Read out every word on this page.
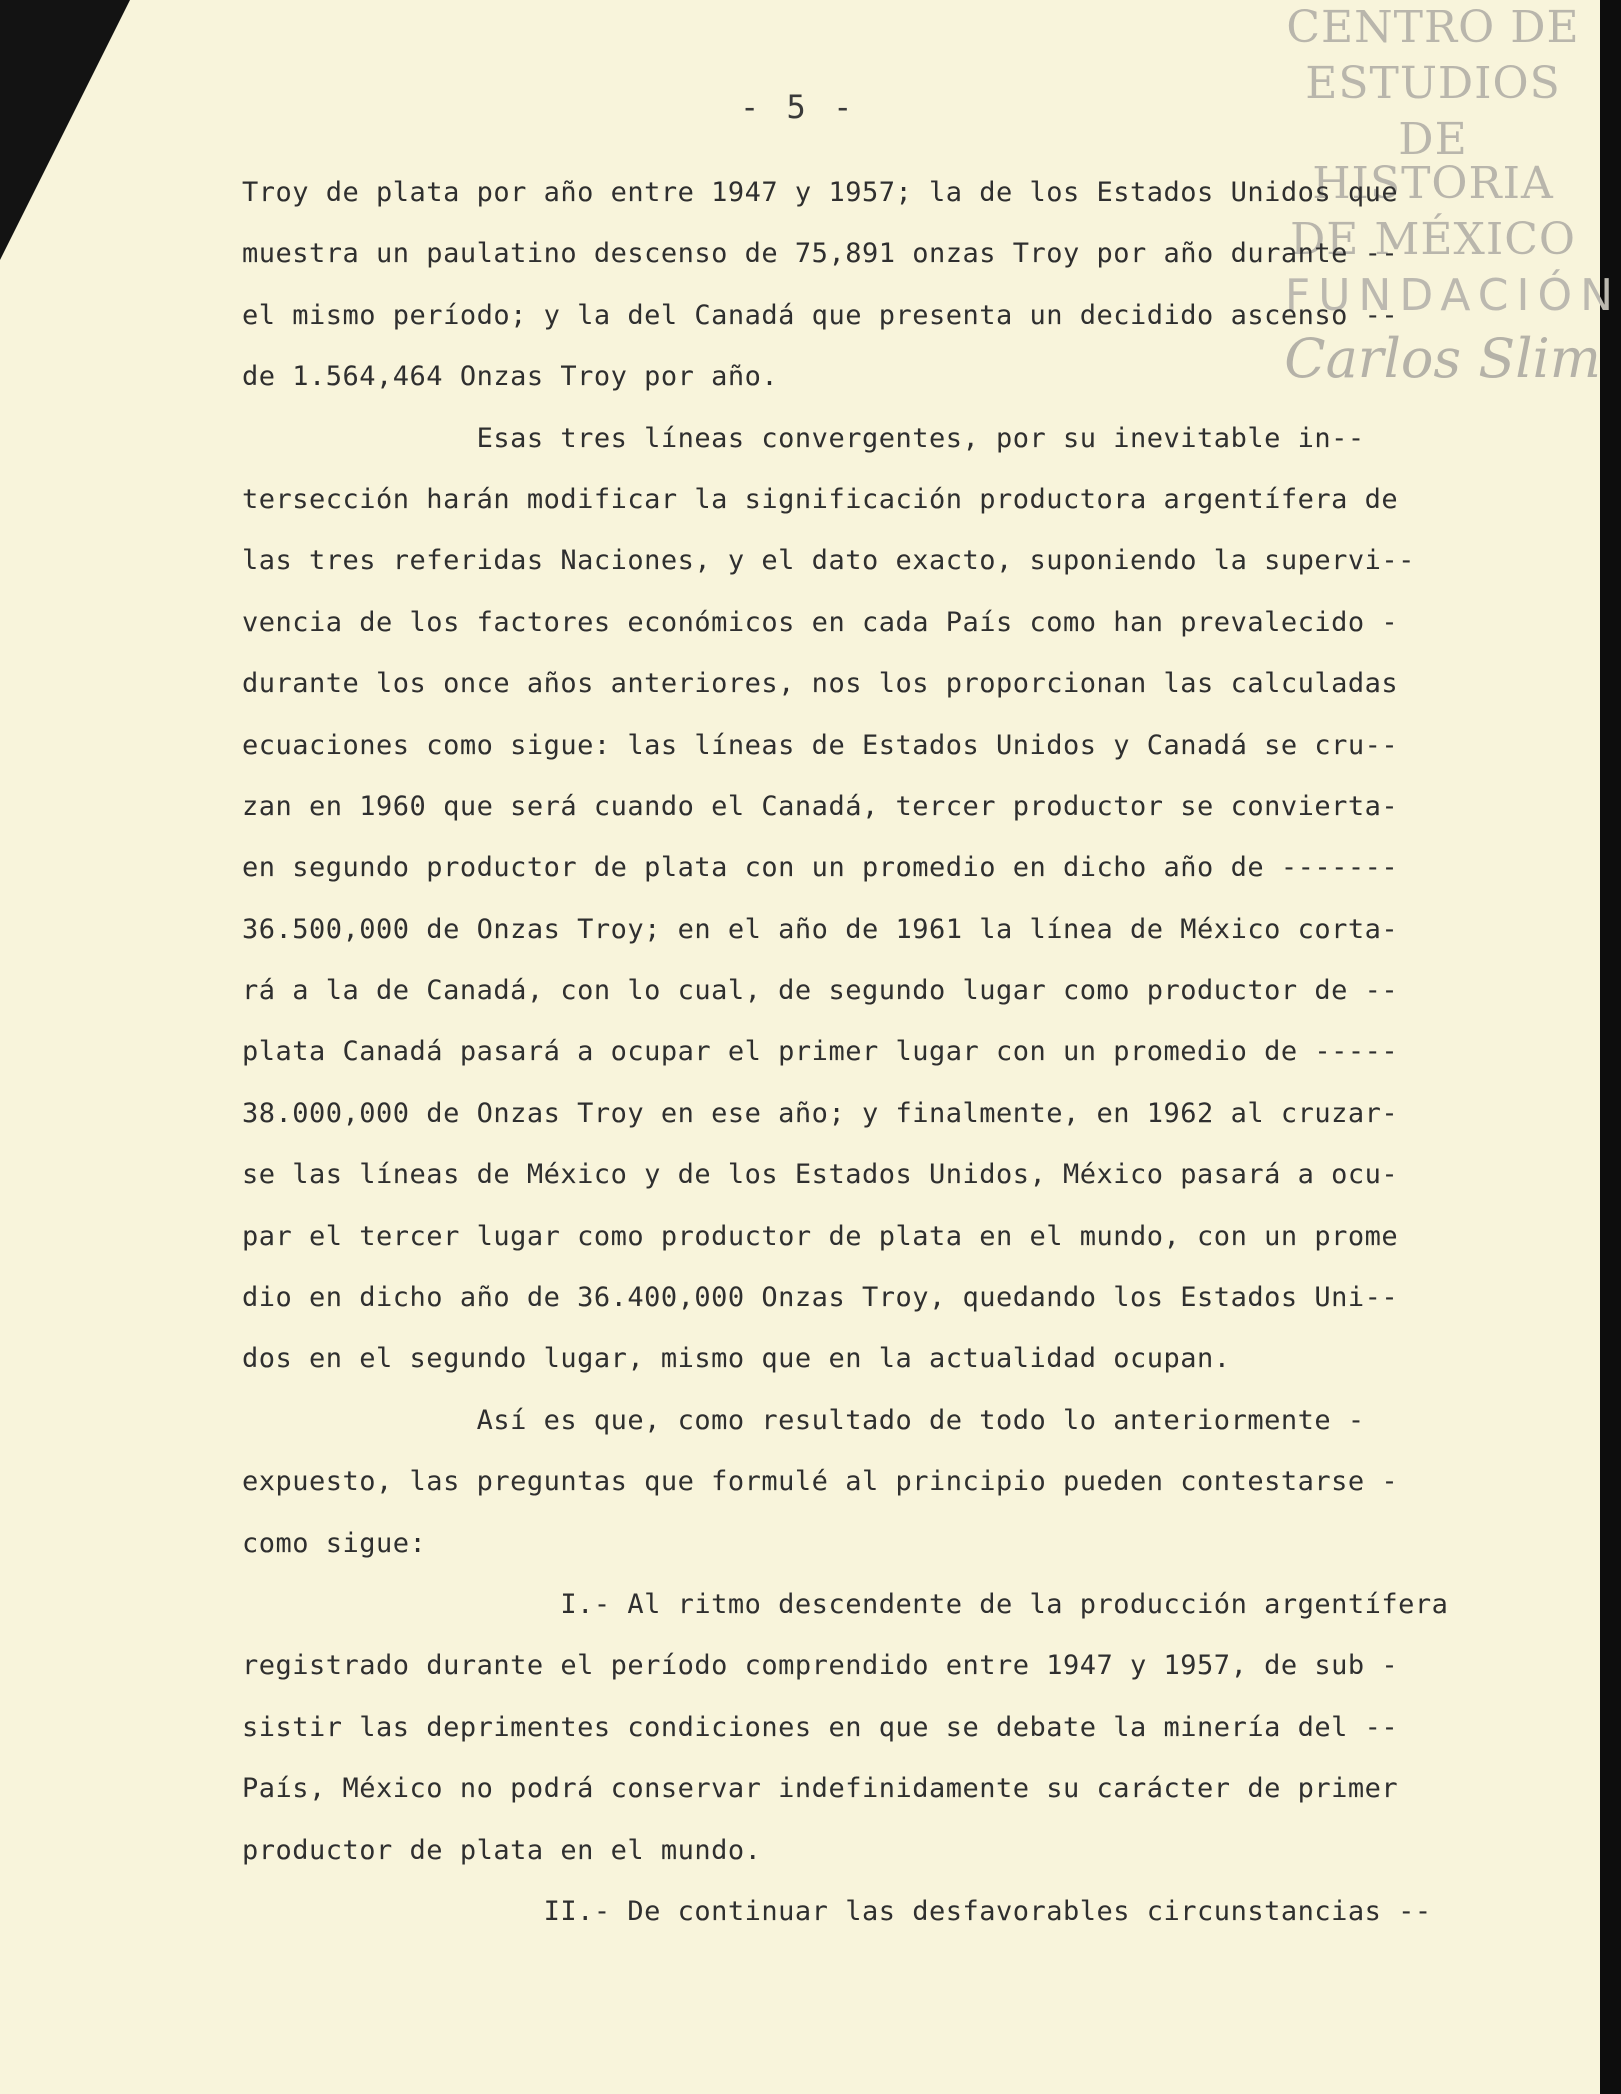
CENTRO DE
ESTUDIOS
DE HISTORIA
DE MÉXICO
FUNDACIÓN
Carlos Slim
- 5 -
Troy de plata por año entre 1947 y 1957; la de los Estados Unidos que
muestra un paulatino descenso de 75,891 onzas Troy por año durante --
el mismo período; y la del Canadá que presenta un decidido ascenso --
de 1.564,464 Onzas Troy por año.
Esas tres líneas convergentes, por su inevitable in--
tersección harán modificar la significación productora argentífera de
las tres referidas Naciones, y el dato exacto, suponiendo la supervi--
vencia de los factores económicos en cada País como han prevalecido -
durante los once años anteriores, nos los proporcionan las calculadas
ecuaciones como sigue: las líneas de Estados Unidos y Canadá se cru--
zan en 1960 que será cuando el Canadá, tercer productor se convierta-
en segundo productor de plata con un promedio en dicho año de -------
36.500,000 de Onzas Troy; en el año de 1961 la línea de México corta-
rá a la de Canadá, con lo cual, de segundo lugar como productor de --
plata Canadá pasará a ocupar el primer lugar con un promedio de -----
38.000,000 de Onzas Troy en ese año; y finalmente, en 1962 al cruzar-
se las líneas de México y de los Estados Unidos, México pasará a ocu-
par el tercer lugar como productor de plata en el mundo, con un prome
dio en dicho año de 36.400,000 Onzas Troy, quedando los Estados Uni--
dos en el segundo lugar, mismo que en la actualidad ocupan.
Así es que, como resultado de todo lo anteriormente -
expuesto, las preguntas que formulé al principio pueden contestarse -
como sigue:
I.- Al ritmo descendente de la producción argentífera
registrado durante el período comprendido entre 1947 y 1957, de sub -
sistir las deprimentes condiciones en que se debate la minería del --
País, México no podrá conservar indefinidamente su carácter de primer
productor de plata en el mundo.
II.- De continuar las desfavorables circunstancias --
